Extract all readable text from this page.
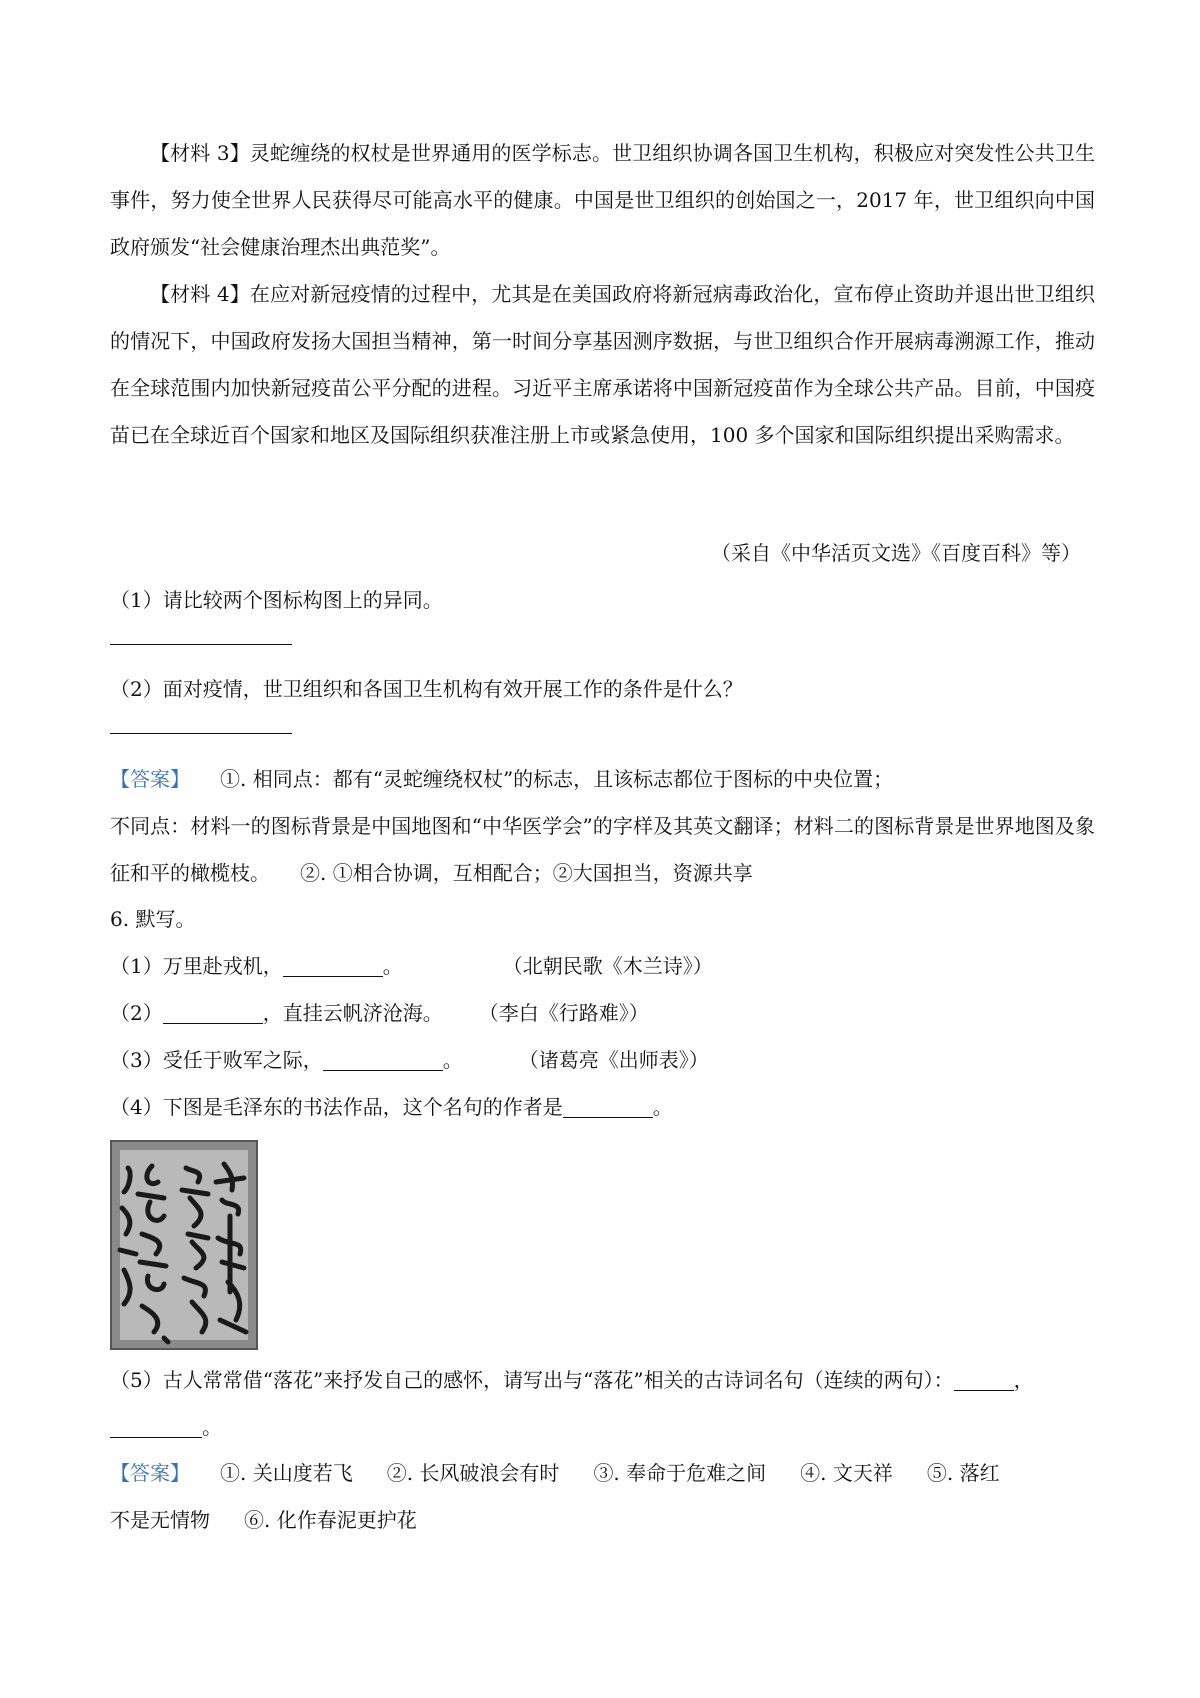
【材料 3】灵蛇缠绕的权杖是世界通用的医学标志。世卫组织协调各国卫生机构，积极应对突发性公共卫生事件，努力使全世界人民获得尽可能高水平的健康。中国是世卫组织的创始国之一，2017 年，世卫组织向中国政府颁发“社会健康治理杰出典范奖”。

【材料 4】在应对新冠疫情的过程中，尤其是在美国政府将新冠病毒政治化，宣布停止资助并退出世卫组织的情况下，中国政府发扬大国担当精神，第一时间分享基因测序数据，与世卫组织合作开展病毒溯源工作，推动在全球范围内加快新冠疫苗公平分配的进程。习近平主席承诺将中国新冠疫苗作为全球公共产品。目前，中国疫苗已在全球近百个国家和地区及国际组织获准注册上市或紧急使用，100 多个国家和国际组织提出采购需求。

（采自《中华活页文选》《百度百科》等）

（1）请比较两个图标构图上的异同。

（2）面对疫情，世卫组织和各国卫生机构有效开展工作的条件是什么？

【答案】 ①. 相同点：都有“灵蛇缠绕权杖”的标志，且该标志都位于图标的中央位置；

不同点：材料一的图标背景是中国地图和“中华医学会”的字样及其英文翻译；材料二的图标背景是世界地图及象征和平的橄榄枝。 ②. ①相合协调，互相配合；②大国担当，资源共享

6. 默写。

（1）万里赴戎机，	。	（北朝民歌《木兰诗》）

（2）	，直挂云帆济沧海。 （李白《行路难》）

（3）受任于败军之际，	。	（诸葛亮《出师表》）

（4）下图是毛泽东的书法作品，这个名句的作者是	。

（5）古人常常借“落花”来抒发自己的感怀，请写出与“落花”相关的古诗词名句（连续的两句）：	，

。

【答案】 ①. 关山度若飞 ②. 长风破浪会有时 ③. 奉命于危难之间 ④. 文天祥 ⑤. 落红

不是无情物 ⑥. 化作春泥更护花
